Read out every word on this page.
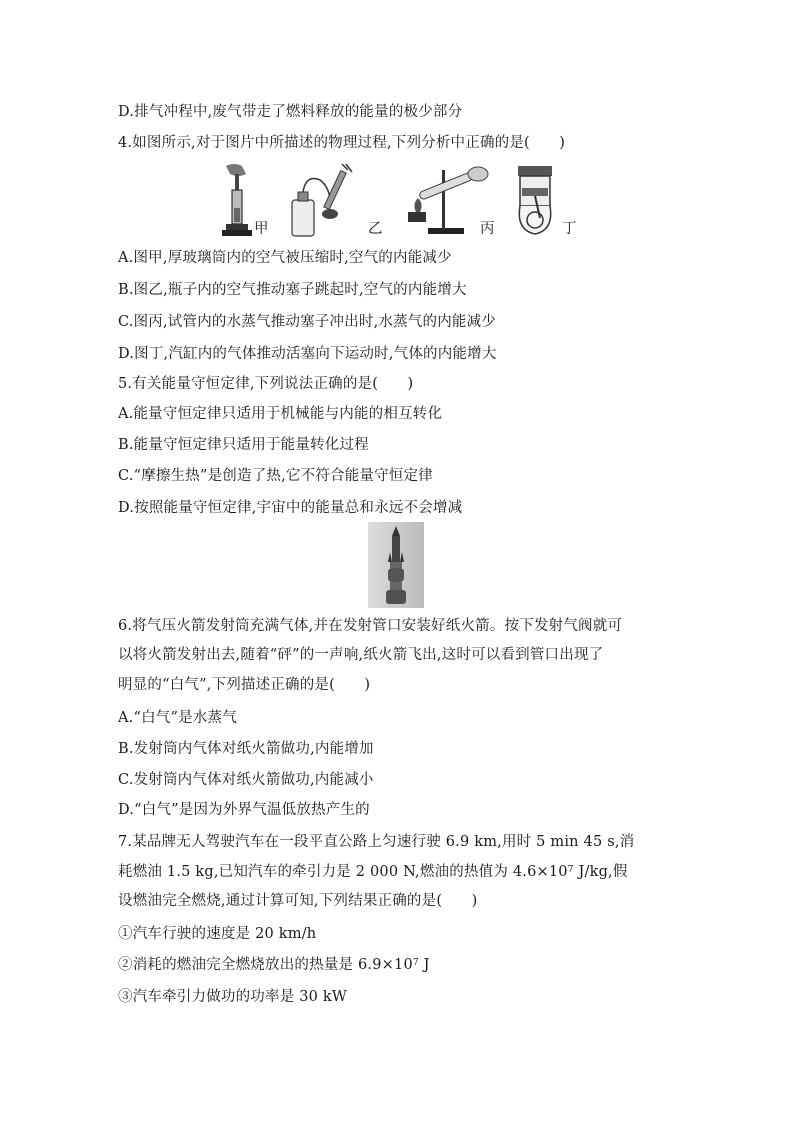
D.排气冲程中,废气带走了燃料释放的能量的极少部分
4.如图所示,对于图片中所描述的物理过程,下列分析中正确的是(　　)
甲	乙	丙	丁
A.图甲,厚玻璃筒内的空气被压缩时,空气的内能减少
B.图乙,瓶子内的空气推动塞子跳起时,空气的内能增大
C.图丙,试管内的水蒸气推动塞子冲出时,水蒸气的内能减少
D.图丁,汽缸内的气体推动活塞向下运动时,气体的内能增大
5.有关能量守恒定律,下列说法正确的是(　　)
A.能量守恒定律只适用于机械能与内能的相互转化
B.能量守恒定律只适用于能量转化过程
C.“摩擦生热”是创造了热,它不符合能量守恒定律
D.按照能量守恒定律,宇宙中的能量总和永远不会增减
6.将气压火箭发射筒充满气体,并在发射管口安装好纸火箭。按下发射气阀就可
以将火箭发射出去,随着“砰”的一声响,纸火箭飞出,这时可以看到管口出现了
明显的“白气”,下列描述正确的是(　　)
A.“白气”是水蒸气
B.发射筒内气体对纸火箭做功,内能增加
C.发射筒内气体对纸火箭做功,内能减小
D.“白气”是因为外界气温低放热产生的
7.某品牌无人驾驶汽车在一段平直公路上匀速行驶 6.9 km,用时 5 min 45 s,消
耗燃油 1.5 kg,已知汽车的牵引力是 2 000 N,燃油的热值为 $4.6\times 10^7$ J/kg,假
设燃油完全燃烧,通过计算可知,下列结果正确的是(　　)
①汽车行驶的速度是 20 km/h
②消耗的燃油完全燃烧放出的热量是 $6.9\times 10^7$ J
③汽车牵引力做功的功率是 30 kW
